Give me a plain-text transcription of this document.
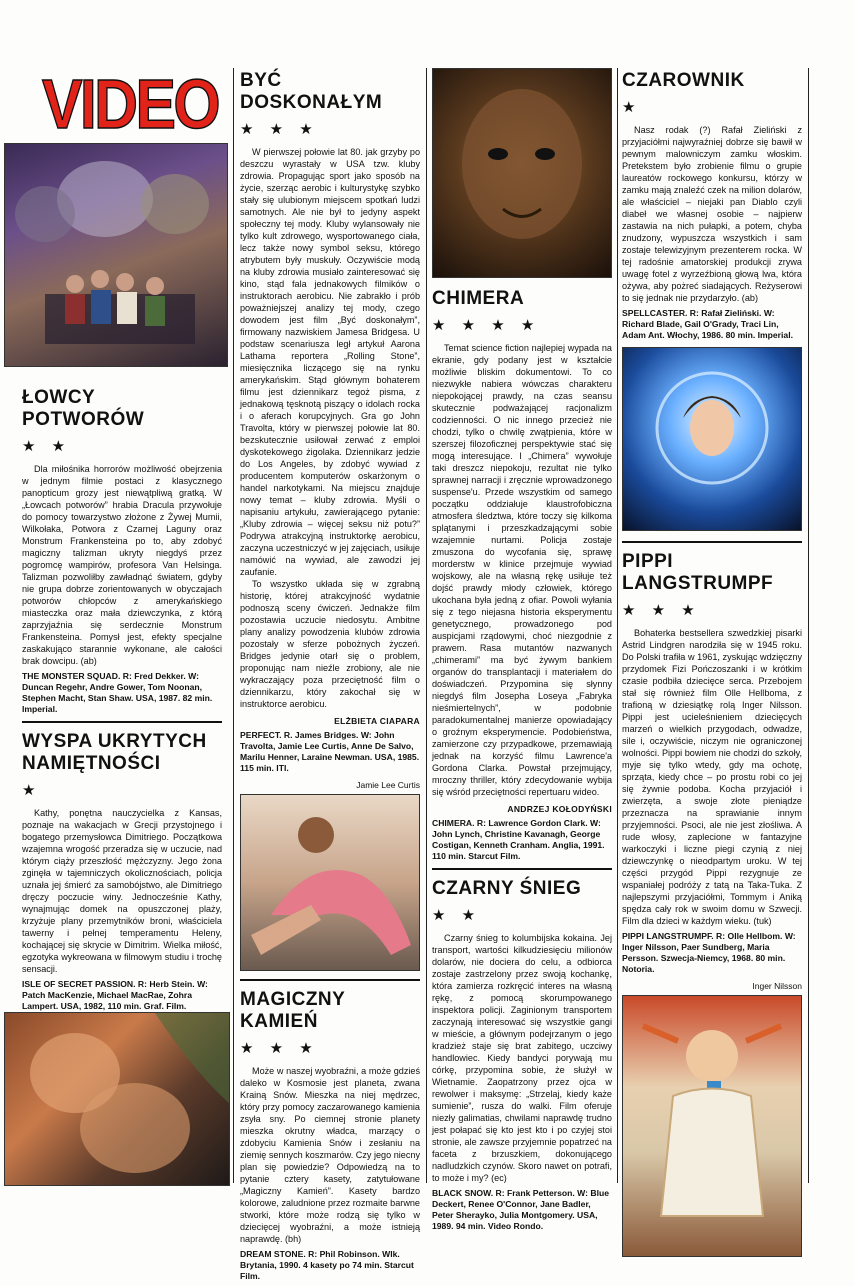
VIDEO
ŁOWCY POTWORÓW
★ ★

Dla miłośnika horrorów możliwość obejrzenia w jednym filmie postaci z klasycznego panopticum grozy jest niewątpliwą gratką. W „Łowcach potworów” hrabia Dracula przywołuje do pomocy towarzystwo złożone z Żywej Mumii, Wilkołaka, Potwora z Czarnej Laguny oraz Monstrum Frankensteina po to, aby zdobyć magiczny talizman ukryty niegdyś przez pogromcę wampirów, profesora Van Helsinga. Talizman pozwoliłby zawładnąć światem, gdyby nie grupa dobrze zorientowanych w obyczajach potworów chłopców z amerykańskiego miasteczka oraz mała dziewczynka, z którą zaprzyjaźnia się serdecznie Monstrum Frankensteina. Pomysł jest, efekty specjalne zaskakująco starannie wykonane, ale całości brak dowcipu. (ab)

THE MONSTER SQUAD. R: Fred Dekker. W: Duncan Regehr, Andre Gower, Tom Noonan, Stephen Macht, Stan Shaw. USA, 1987. 82 min. Imperial.
WYSPA UKRYTYCH NAMIĘTNOŚCI
★

Kathy, ponętna nauczycielka z Kansas, poznaje na wakacjach w Grecji przystojnego i bogatego przemysłowca Dimitriego. Początkowa wzajemna wrogość przeradza się w uczucie, nad którym ciąży przeszłość mężczyzny. Jego żona zginęła w tajemniczych okolicznościach, policja uznała jej śmierć za samobójstwo, ale Dimitriego dręczy poczucie winy. Jednocześnie Kathy, wynajmując domek na opuszczonej plaży, krzyżuje plany przemytników broni, właściciela tawerny i pełnej temperamentu Heleny, kochającej się skrycie w Dimitrim. Wielka miłość, egzotyka wykreowana w filmowym studiu i trochę sensacji.

ISLE OF SECRET PASSION. R: Herb Stein. W: Patch MacKenzie, Michael MacRae, Zohra Lampert. USA, 1982, 110 min. Graf. Film.
BYĆ DOSKONAŁYM
★ ★ ★

W pierwszej połowie lat 80. jak grzyby po deszczu wyrastały w USA tzw. kluby zdrowia. Propagując sport jako sposób na życie, szerząc aerobic i kulturystykę szybko stały się ulubionym miejscem spotkań ludzi samotnych. Ale nie był to jedyny aspekt społeczny tej mody. Kluby wylansowały nie tylko kult zdrowego, wysportowanego ciała, lecz także nowy symbol seksu, którego atrybutem były muskuły. Oczywiście modą na kluby zdrowia musiało zainteresować się kino, stąd fala jednakowych filmików o instruktorach aerobicu. Nie zabrakło i prób poważniejszej analizy tej mody, czego dowodem jest film „Być doskonałym”, firmowany nazwiskiem Jamesa Bridgesa. U podstaw scenariusza legł artykuł Aarona Lathama reportera „Rolling Stone”, miesięcznika liczącego się na rynku amerykańskim. Stąd głównym bohaterem filmu jest dziennikarz tegoż pisma, z jednakową tęsknotą piszący o idolach rocka i o aferach korupcyjnych. Gra go John Travolta, który w pierwszej połowie lat 80. bezskutecznie usiłował zerwać z emploi dyskotekowego żigolaka. Dziennikarz jedzie do Los Angeles, by zdobyć wywiad z producentem komputerów oskarżonym o handel narkotykami. Na miejscu znajduje nowy temat – kluby zdrowia. Myśli o napisaniu artykułu, zawierającego pytanie: „Kluby zdrowia – więcej seksu niż potu?” Podrywa atrakcyjną instruktorkę aerobicu, zaczyna uczestniczyć w jej zajęciach, usiłuje namówić na wywiad, ale zawodzi jej zaufanie.

To wszystko układa się w zgrabną historię, której atrakcyjność wydatnie podnoszą sceny ćwiczeń. Jednakże film pozostawia uczucie niedosytu. Ambitne plany analizy powodzenia klubów zdrowia pozostały w sferze pobożnych życzeń. Bridges jedynie otarł się o problem, proponując nam nieźle zrobiony, ale nie wykraczający poza przeciętność film o dziennikarzu, który zakochał się w instruktorce aerobicu.

ELŻBIETA CIAPARA
PERFECT. R. James Bridges. W: John Travolta, Jamie Lee Curtis, Anne De Salvo, Marilu Henner, Laraine Newman. USA, 1985. 115 min. ITI.
Jamie Lee Curtis
MAGICZNY KAMIEŃ
★ ★ ★

Może w naszej wyobraźni, a może gdzieś daleko w Kosmosie jest planeta, zwana Krainą Snów. Mieszka na niej mędrzec, który przy pomocy zaczarowanego kamienia zsyła sny. Po ciemnej stronie planety mieszka okrutny władca, marzący o zdobyciu Kamienia Snów i zesłaniu na ziemię sennych koszmarów. Czy jego niecny plan się powiedzie? Odpowiedzą na to pytanie cztery kasety, zatytułowane „Magiczny Kamień”. Kasety bardzo kolorowe, zaludnione przez rozmaite barwne stworki, które może rodzą się tylko w dziecięcej wyobraźni, a może istnieją naprawdę. (bh)

DREAM STONE. R: Phil Robinson. Wlk. Brytania, 1990. 4 kasety po 74 min. Starcut Film.
CHIMERA
★ ★ ★ ★

Temat science fiction najlepiej wypada na ekranie, gdy podany jest w kształcie możliwie bliskim dokumentowi. To co niezwykłe nabiera wówczas charakteru niepokojącej prawdy, na czas seansu skutecznie podważającej racjonalizm codzienności. O nic innego przecież nie chodzi, tylko o chwilę zwątpienia, które w szerszej filozoficznej perspektywie stać się mogą interesujące. I „Chimera” wywołuje taki dreszcz niepokoju, rezultat nie tylko sprawnej narracji i zręcznie wprowadzonego suspense'u. Przede wszystkim od samego początku oddziałuje klaustrofobiczna atmosfera śledztwa, które toczy się kilkoma splątanymi i przeszkadzającymi sobie wzajemnie nurtami. Policja zostaje zmuszona do wycofania się, sprawę morderstw w klinice przejmuje wywiad wojskowy, ale na własną rękę usiłuje też dojść prawdy młody człowiek, którego ukochana była jedną z ofiar. Powoli wyłania się z tego niejasna historia eksperymentu genetycznego, prowadzonego pod auspicjami rządowymi, choć niezgodnie z prawem. Rasa mutantów nazwanych „chimerami” ma być żywym bankiem organów do transplantacji i materiałem do doświadczeń. Przypomina się słynny niegdyś film Josepha Loseya „Fabryka nieśmiertelnych”, w podobnie paradokumentalnej manierze opowiadający o groźnym eksperymencie. Podobieństwa, zamierzone czy przypadkowe, przemawiają jednak na korzyść filmu Lawrence'a Gordona Clarka. Powstał przejmujący, mroczny thriller, który zdecydowanie wybija się wśród przeciętności repertuaru wideo.

ANDRZEJ KOŁODYŃSKI
CHIMERA. R: Lawrence Gordon Clark. W: John Lynch, Christine Kavanagh, George Costigan, Kenneth Cranham. Anglia, 1991. 110 min. Starcut Film.
CZARNY ŚNIEG
★ ★

Czarny śnieg to kolumbijska kokaina. Jej transport, wartości kilkudziesięciu milionów dolarów, nie dociera do celu, a odbiorca zostaje zastrzelony przez swoją kochankę, która zamierza rozkręcić interes na własną rękę, z pomocą skorumpowanego inspektora policji. Zaginionym transportem zaczynają interesować się wszystkie gangi w mieście, a głównym podejrzanym o jego kradzież staje się brat zabitego, uczciwy handlowiec. Kiedy bandyci porywają mu córkę, przypomina sobie, że służył w Wietnamie. Zaopatrzony przez ojca w rewolwer i maksymę: „Strzelaj, kiedy każe sumienie”, rusza do walki. Film oferuje niezły galimatias, chwilami naprawdę trudno jest połapać się kto jest kto i po czyjej stoi stronie, ale zawsze przyjemnie popatrzeć na faceta z brzuszkiem, dokonującego nadludzkich czynów. Skoro nawet on potrafi, to może i my? (ec)

BLACK SNOW. R: Frank Petterson. W: Blue Deckert, Renee O'Connor, Jane Badler, Peter Sherayko, Julia Montgomery. USA, 1989. 94 min. Video Rondo.
CZAROWNIK
★

Nasz rodak (?) Rafał Zieliński z przyjaciółmi najwyraźniej dobrze się bawił w pewnym malowniczym zamku włoskim. Pretekstem było zrobienie filmu o grupie laureatów rockowego konkursu, którzy w zamku mają znaleźć czek na milion dolarów, ale właściciel – niejaki pan Diablo czyli diabeł we własnej osobie – najpierw zastawia na nich pułapki, a potem, chyba znudzony, wypuszcza wszystkich i sam zostaje telewizyjnym prezenterem rocka. W tej radośnie amatorskiej produkcji zrywa uwagę fotel z wyrzeźbioną głową lwa, która ożywa, aby pożreć siadających. Reżyserowi to się jednak nie przydarzyło. (ab)

SPELLCASTER. R: Rafał Zieliński. W: Richard Blade, Gail O'Grady, Traci Lin, Adam Ant. Włochy, 1986. 80 min. Imperial.
PIPPI LANGSTRUMPF
★ ★ ★

Bohaterka bestsellera szwedzkiej pisarki Astrid Lindgren narodziła się w 1945 roku. Do Polski trafiła w 1961, zyskując wdzięczny przydomek Fizi Pończoszanki i w krótkim czasie podbiła dziecięce serca. Przebojem stał się również film Olle Hellboma, z trafioną w dziesiątkę rolą Inger Nilsson. Pippi jest ucieleśnieniem dziecięcych marzeń o wielkich przygodach, odwadze, sile i, oczywiście, niczym nie ograniczonej wolności. Pippi bowiem nie chodzi do szkoły, myje się tylko wtedy, gdy ma ochotę, sprząta, kiedy chce – po prostu robi co jej się żywnie podoba. Kocha przyjaciół i zwierzęta, a swoje złote pieniądze przeznacza na sprawianie innym przyjemności. Psoci, ale nie jest złośliwa. A rude włosy, zaplecione w fantazyjne warkoczyki i liczne piegi czynią z niej dziewczynkę o nieodpartym uroku. W tej części przygód Pippi rezygnuje ze wspaniałej podróży z tatą na Taka-Tuka. Z najlepszymi przyjaciółmi, Tommym i Aniką spędza cały rok w swoim domu w Szwecji. Film dla dzieci w każdym wieku. (tuk)

PIPPI LANGSTRUMPF. R: Olle Hellbom. W: Inger Nilsson, Paer Sundberg, Maria Persson. Szwecja-Niemcy, 1968. 80 min. Notoria.
Inger Nilsson
